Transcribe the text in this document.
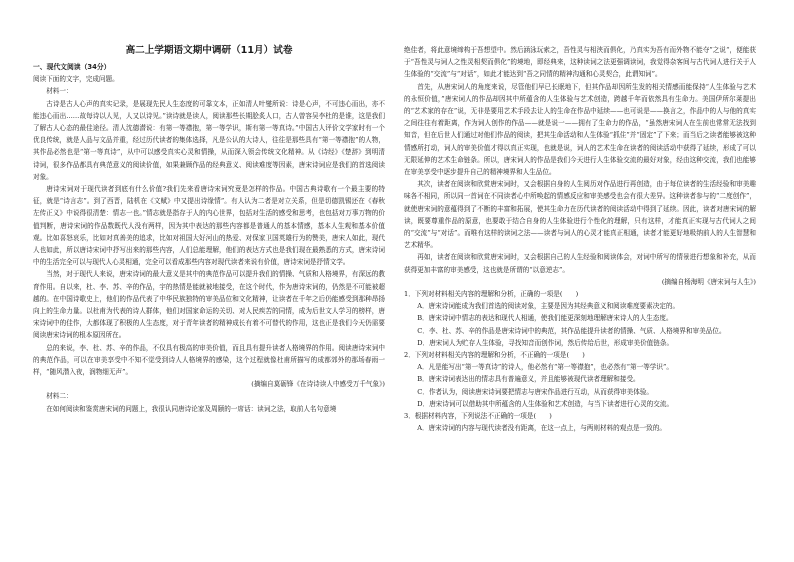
高二上学期语文期中调研（11月）试卷

一、现代文阅读（34分）

阅读下面的文字，完成问题。

材料一：

古诗是古人心声的真实记录，是展现先民人生态度的可靠文本，正如清人叶燮所说：诗是心声，不可违心而出，亦不能违心而出……故每诗以人见，人又以诗见。”读诗就是读人，阅读那些长期脍炙人口，古人曾容吴李杜的是谁，这是我们了解古人心态的最佳途径。清人沈德潜说：有第一等襟抱，第一等学识，斯有第一等真诗。”中国古人评价文学家时有一个优良传统，就是人品与文品并重，经过历代读者的集体选择，凡是公认的大诗人，往往是那些具有“第一等襟抱”的人物，其作品必然也是“第一等真诗”，从中可以感受真实心灵和情操，从而深入领会传统文化精神。从《诗经》《楚辞》到明清诗词，很多作品都具有典范意义的阅读价值，如果兼顾作品的经典意义、阅读难度等因素，唐宋诗词应是我们的首选阅读对象。

唐诗宋词对于现代读者到底有什么价值?我们先来看唐诗宋词究竟是怎样的作品。中国古典诗歌有一个最主要的特征，就是“诗言志”。到了西晋，陆机在《文赋》中又提出诗缘情”。有人认为二者是对立关系，但是切德凯锡还在《春秋左传正义》中说得很清楚：情志一也。”情志就是指存于人的内心世界，包括对生活的感受和思考，也包括对万事万物的价值判断，唐诗宋词的作品数既代人没有两样，因为其中表达的那些内容都是普通人的基本情感，基本人生观和基本价值观。比如喜怒哀乐，比如对真善美的追求，比如对祖国大好河山的热爱、对保家卫国英雄行为的赞美，唐宋人如此，现代人也如此，所以唐诗宋词中抒写出来的那些内容，人们总能理解，他们的表达方式也是我们现在最熟悉的方式，唐宋诗词中的生活完全可以与现代人心灵相通，完全可以看成那些内容对现代读者来说有价值，唐诗宋词是抒情文学。

当然，对于现代人来说，唐宋诗词的最大意义是其中的典范作品可以提升我们的情操、气质和人格境界，有深远的教育作用。自以来，杜、李、苏、辛的作品，宇的热情是能就被地接受，在这个时代，作为唐诗宋词的，仍然是不可能被超越的。在中国诗歌史上，他们的作品代表了中华民族独特的审美品位和文化精神，让读者在千年之后仍能感受到那种昂扬向上的生命力量。以杜甫为代表的诗人群体，他们对国家命运的关切、对人民疾苦的同情，成为后世文人学习的榜样，唐宋诗词中的佳作，大都体现了积极的人生态度，对于青年读者的精神成长有着不可替代的作用，这也正是我们今天仍需要阅读唐宋诗词的根本原因所在。

总的来说，李、杜、苏、辛的作品，不仅具有极高的审美价值，而且具有提升读者人格境界的作用。阅读唐诗宋词中的典范作品，可以在审美享受中不知不觉受到诗人人格境界的感染，这个过程就像杜甫所描写的成都郊外的那场春雨一样，“随风潜入夜，润物细无声”。

(摘编自莫砺锋《在诗诗读人中感受万千气象》)

材料二：

在如何阅读和鉴赏唐宋词的问题上，我很认同唐诗论家及周颐的一席话：读词之法，取前人名句意境

绝佳者，将此意境缔构于吾想望中。然后涵泳玩索之，吾性灵与相浃而俱化，乃真实为吾有而外物不能夺”之说“，便能获于“吾性灵与词人之性灵相契而俱化”的境地，即经典来，这种读词之法更强调读词，我觉得杂客间与古代词人进行关于人生体验的“交流”与“对话”，如此才能达到“吾之同情的精神沟通和心灵契合，此谓知词”。

首先，从唐宋词人的角度来说，尽管他们早已长眠地下，但其作品却因所生发的相关情感而能保持“人生体验与艺术的永恒价值，”唐宋词人的作品却因其中所蕴含的人生体验与艺术创造，跨越千年而依然具有生命力。美国伊所尔莱提出的“艺术家的存在”说，无非是要用艺术手段去让人的生命在作品中延续——也可说是——换言之，作品中的人与他的真实之间往往有着距离，作为词人创作的作品——就是说一——拥有了生命力的作品，“虽然唐宋词人在生前也常常无法找到知音，但在后世人们通过对他们作品的阅读，把其生命活动和人生体验“抓住”并“固定”了下来；而当后之读者能够被这种情感所打动，词人的审美价值才得以真正实现，也就是说，词人的艺术生命在读者的阅读活动中获得了延续，形成了可以无限延伸的艺术生命链条。所以，唐宋词人的作品是我们今天进行人生体验交流的最好对象，经由这种交流，我们也能够在审美享受中逐步提升自己的精神境界和人生品位。

其次，读者在阅读和欣赏唐宋词时，又会根据自身的人生阅历对作品进行再创造，由于每位读者的生活经验和审美趣味各不相同，所以同一首词在不同读者心中所唤起的情感反应和审美感受也会有很大差异。这种读者参与的“二度创作”，就使唐宋词的意蕴得到了不断的丰富和拓展，使其生命力在历代读者的阅读活动中得到了延续。因此，读者对唐宋词的解读，既要尊重作品的原意，也要敢于结合自身的人生体验进行个性化的理解，只有这样，才能真正实现与古代词人之间的“交流”与“对话”。而唯有这样的读词之法——读者与词人的心灵才能真正相通，读者才能更好地吸纳前人的人生智慧和艺术精华。

再如，读者在阅读和欣赏唐宋词时，又会根据自己的人生经验和阅读体会，对词中所写的情景进行想象和补充，从而获得更加丰富的审美感受，这也就是所谓的“以意逆志”。

(摘编自杨海明《唐宋词与人生》)

1．下列对材料相关内容的理解和分析，正确的一项是(　　)

A．唐宋诗词能成为我们首选的阅读对象，主要是因为其经典意义和阅读难度要素决定的。

B．唐宋诗词中情志的表达和现代人相通，使我们能更深刻地理解唐宋诗人的人生态度。

C．李、杜、苏、辛的作品是唐宋诗词中的典范，其作品能提升读者的情操、气质、人格境界和审美品位。

D．唐宋词人为贮存人生体验，寻找知音而创作词，然后传给后世，形成审美价值链条。

2．下列对材料相关内容的理解和分析，不正确的一项是(　　)

A．凡是能写出“第一等真诗”的诗人，他必然有“第一等襟抱”，也必然有“第一等学识”。

B．唐宋诗词表达出的情志具有普遍意义，并且能够被现代读者理解和接受。

C．作者认为，阅读唐宋诗词要把情志与唐宋作品进行互动，从而获得审美体验。

D．唐宋诗词可以借助其中所蕴含的人生体验和艺术创造，与当下读者进行心灵的交流。

3．根据材料内容，下列说法不正确的一项是(　　)

A．唐宋诗词的内容与现代读者没有距离，在这一点上，与两则材料的观点是一致的。
